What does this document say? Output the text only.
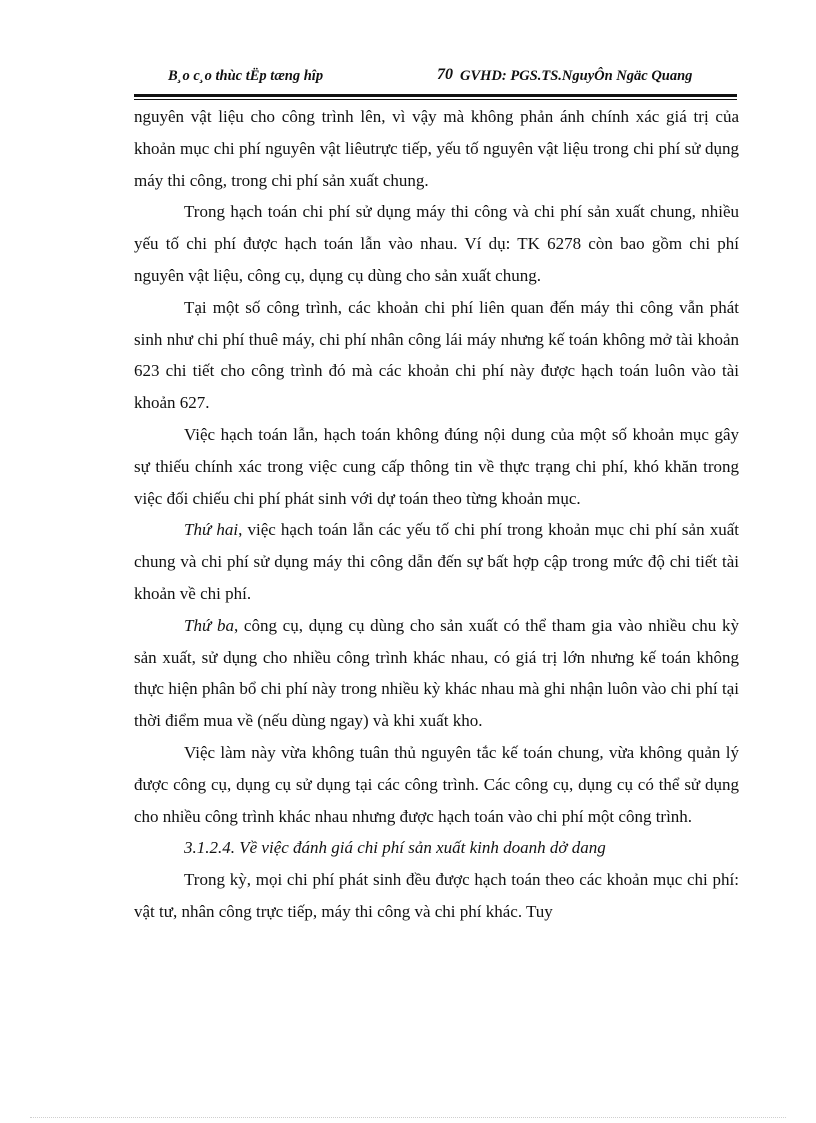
B¸o c¸o thùc tËp tæng hîp	70 GVHD: PGS.TS.NguyÔn Ngäc Quang

nguyên vật liệu cho công trình lên, vì vậy mà không phản ánh chính xác giá trị của khoản mục chi phí nguyên vật liêutrực tiếp, yếu tố nguyên vật liệu trong chi phí sử dụng máy thi công, trong chi phí sản xuất chung.

Trong hạch toán chi phí sử dụng máy thi công và chi phí sản xuất chung, nhiều yếu tố chi phí được hạch toán lẫn vào nhau. Ví dụ: TK 6278 còn bao gồm chi phí nguyên vật liệu, công cụ, dụng cụ dùng cho sản xuất chung.

Tại một số công trình, các khoản chi phí liên quan đến máy thi công vẫn phát sinh như chi phí thuê máy, chi phí nhân công lái máy nhưng kế toán không mở tài khoản 623 chi tiết cho công trình đó mà các khoản chi phí này được hạch toán luôn vào tài khoản 627.

Việc hạch toán lẫn, hạch toán không đúng nội dung của một số khoản mục gây sự thiếu chính xác trong việc cung cấp thông tin về thực trạng chi phí, khó khăn trong việc đối chiếu chi phí phát sinh với dự toán theo từng khoản mục.

Thứ hai, việc hạch toán lẫn các yếu tố chi phí trong khoản mục chi phí sản xuất chung và chi phí sử dụng máy thi công dẫn đến sự bất hợp cập trong mức độ chi tiết tài khoản về chi phí.

Thứ ba, công cụ, dụng cụ dùng cho sản xuất có thể tham gia vào nhiều chu kỳ sản xuất, sử dụng cho nhiều công trình khác nhau, có giá trị lớn nhưng kế toán không thực hiện phân bổ chi phí này trong nhiều kỳ khác nhau mà ghi nhận luôn vào chi phí tại thời điểm mua về (nếu dùng ngay) và khi xuất kho.

Việc làm này vừa không tuân thủ nguyên tắc kế toán chung, vừa không quản lý được công cụ, dụng cụ sử dụng tại các công trình. Các công cụ, dụng cụ có thể sử dụng cho nhiều công trình khác nhau nhưng được hạch toán vào chi phí một công trình.

3.1.2.4. Về việc đánh giá chi phí sản xuất kinh doanh dở dang

Trong kỳ, mọi chi phí phát sinh đều được hạch toán theo các khoản mục chi phí: vật tư, nhân công trực tiếp, máy thi công và chi phí khác. Tuy
